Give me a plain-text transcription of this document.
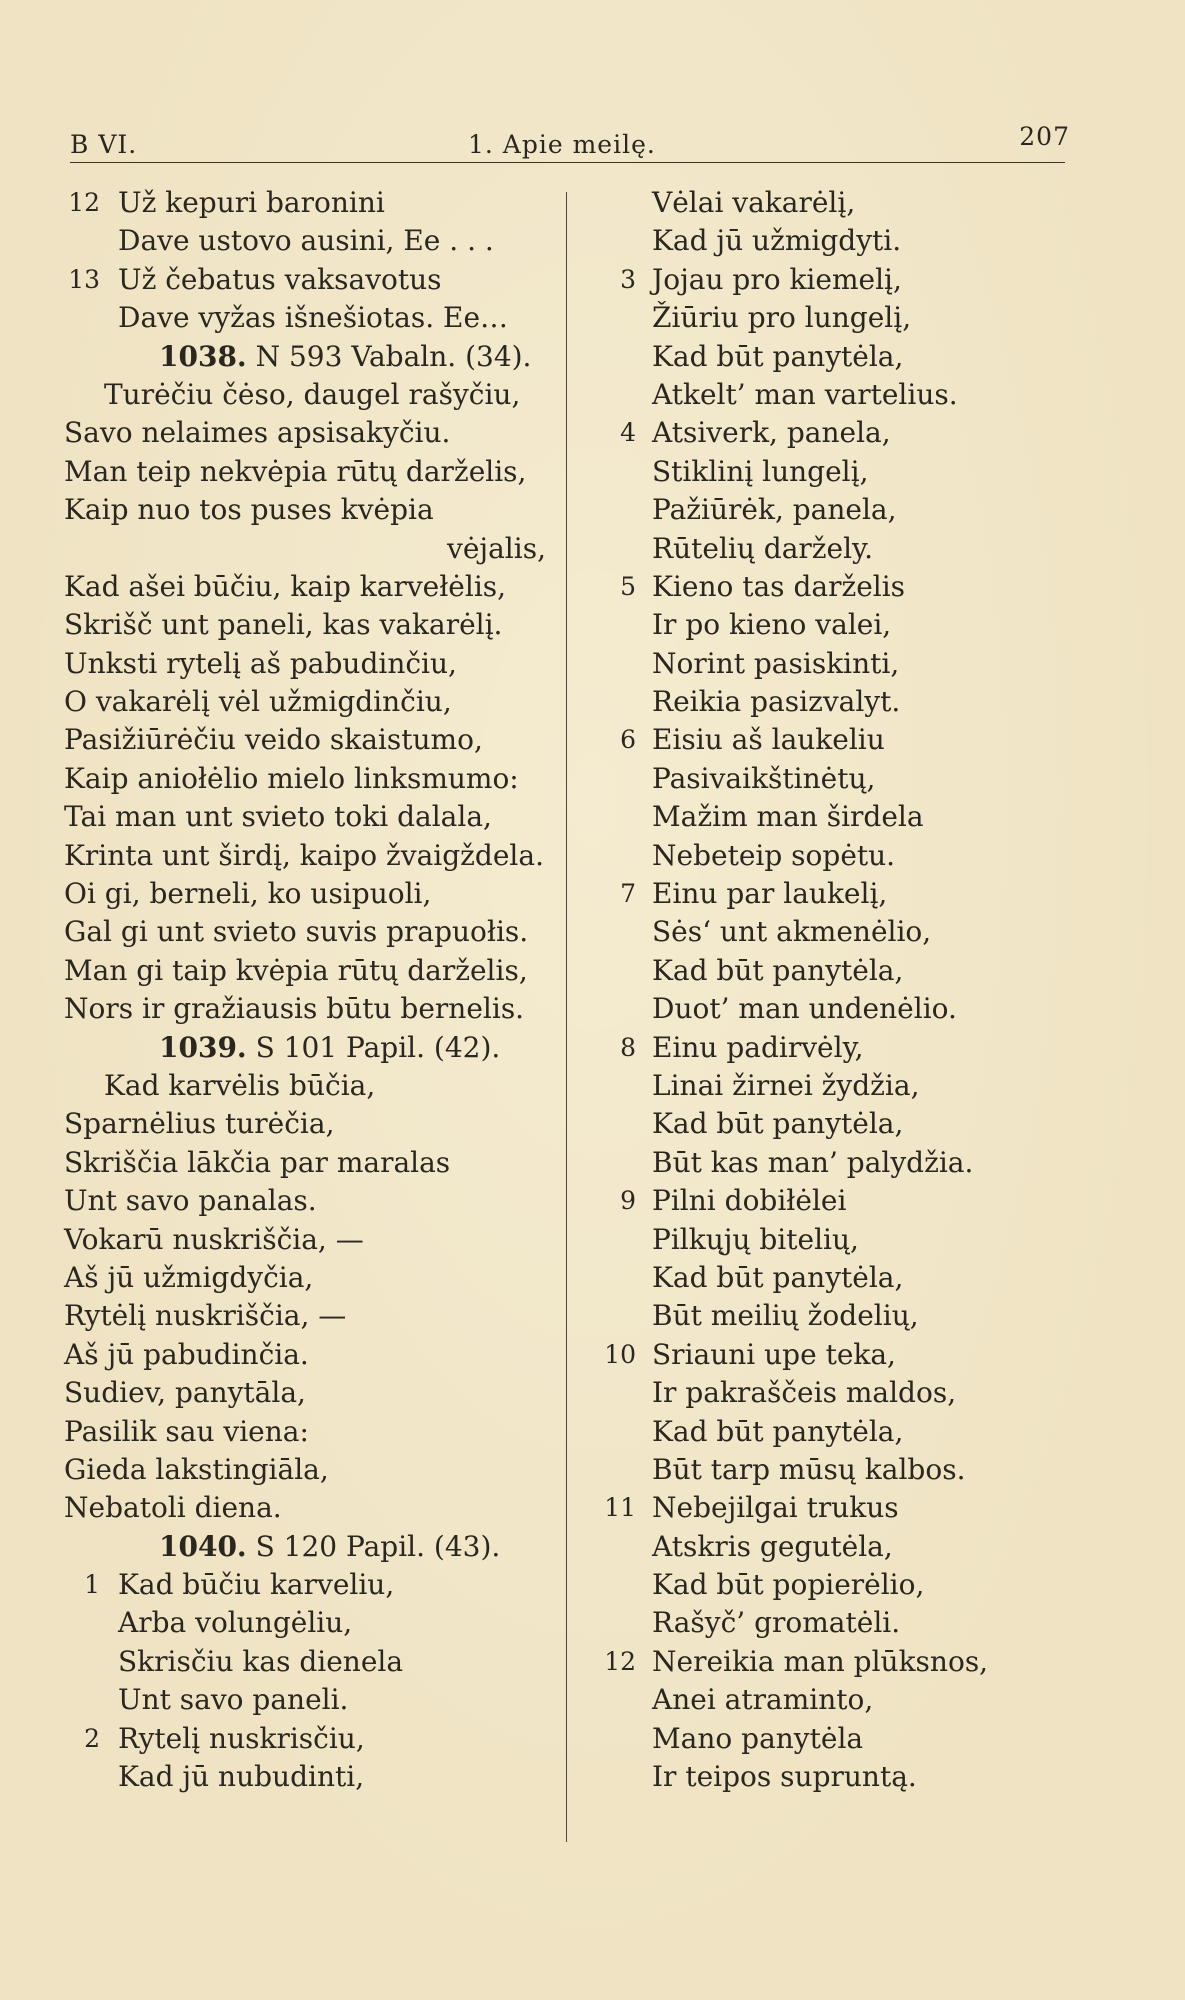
B VI.	1. Apie meilę.	207
12 Už kepuri baronini
Dave ustovo ausini, Ee . . .
13 Už čebatus vaksavotus
Dave vyžas išnešiotas. Ee…
1038. N 593 Vabaln. (34).
Turėčiu čėso, daugel rašyčiu,
Savo nelaimes apsisakyčiu.
Man teip nekvėpia rūtų darželis,
Kaip nuo tos puses kvėpia
vėjalis,
Kad ašei būčiu, kaip karvełėlis,
Skrišč unt paneli, kas vakarėlį.
Unksti rytelį aš pabudinčiu,
O vakarėlį vėl užmigdinčiu,
Pasižiūrėčiu veido skaistumo,
Kaip aniołėlio mielo linksmumo:
Tai man unt svieto toki dalala,
Krinta unt širdį, kaipo žvaigždela.
Oi gi, berneli, ko usipuoli,
Gal gi unt svieto suvis prapuołis.
Man gi taip kvėpia rūtų darželis,
Nors ir gražiausis būtu bernelis.
1039. S 101 Papil. (42).
Kad karvėlis būčia,
Sparnėlius turėčia,
Skriščia lākčia par maralas
Unt savo panalas.
Vokarū nuskriščia, —
Aš jū užmigdyčia,
Rytėlį nuskriščia, —
Aš jū pabudinčia.
Sudiev, panytāla,
Pasilik sau viena:
Gieda lakstingiāla,
Nebatoli diena.
1040. S 120 Papil. (43).
1 Kad būčiu karveliu,
Arba volungėliu,
Skrisčiu kas dienela
Unt savo paneli.
2 Rytelį nuskrisčiu,
Kad jū nubudinti,
Vėlai vakarėlį,
Kad jū užmigdyti.
3 Jojau pro kiemelį,
Žiūriu pro lungelį,
Kad būt panytėla,
Atkelt’ man vartelius.
4 Atsiverk, panela,
Stiklinį lungelį,
Pažiūrėk, panela,
Rūtelių daržely.
5 Kieno tas darželis
Ir po kieno valei,
Norint pasiskinti,
Reikia pasizvalyt.
6 Eisiu aš laukeliu
Pasivaikštinėtų,
Mažim man širdela
Nebeteip sopėtu.
7 Einu par laukelį,
Sės‘ unt akmenėlio,
Kad būt panytėla,
Duot’ man undenėlio.
8 Einu padirvėly,
Linai žirnei žydžia,
Kad būt panytėla,
Būt kas man’ palydžia.
9 Pilni dobiłėlei
Pilkųjų bitelių,
Kad būt panytėla,
Būt meilių žodelių,
10 Sriauni upe teka,
Ir pakraščeis maldos,
Kad būt panytėla,
Būt tarp mūsų kalbos.
11 Nebejilgai trukus
Atskris gegutėla,
Kad būt popierėlio,
Rašyč’ gromatėli.
12 Nereikia man plūksnos,
Anei atraminto,
Mano panytėla
Ir teipos supruntą.
